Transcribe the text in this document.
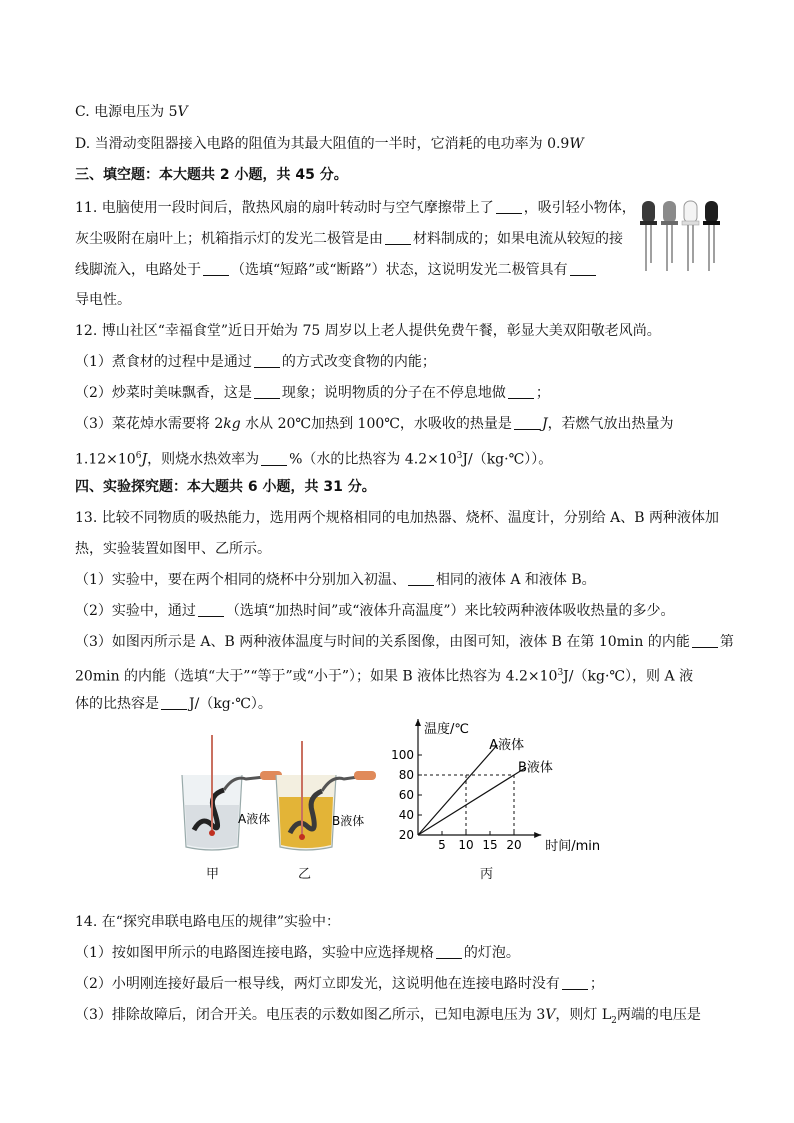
C. 电源电压为 5V
D. 当滑动变阻器接入电路的阻值为其最大阻值的一半时，它消耗的电功率为 0.9W
三、填空题：本大题共 2 小题，共 45 分。
11. 电脑使用一段时间后，散热风扇的扇叶转动时与空气摩擦带上了 ，吸引轻小物体，
灰尘吸附在扇叶上；机箱指示灯的发光二极管是由 材料制成的；如果电流从较短的接
线脚流入，电路处于 （选填“短路”或“断路”）状态，这说明发光二极管具有
导电性。
12. 博山社区“幸福食堂”近日开始为 75 周岁以上老人提供免费午餐，彰显大美双阳敬老风尚。
（1）煮食材的过程中是通过 的方式改变食物的内能；
（2）炒菜时美味飘香，这是 现象；说明物质的分子在不停息地做 ；
（3）菜花焯水需要将 2kg 水从 20℃加热到 100℃，水吸收的热量是 J，若燃气放出热量为
$1.12\times 10^6J$，则烧水热效率为 %（水的比热容为 $4.2\times 10^3J/(kg\cdot℃)$）。
四、实验探究题：本大题共 6 小题，共 31 分。
13. 比较不同物质的吸热能力，选用两个规格相同的电加热器、烧杯、温度计，分别给 A、B 两种液体加
热，实验装置如图甲、乙所示。
（1）实验中，要在两个相同的烧杯中分别加入初温、 相同的液体 A 和液体 B。
（2）实验中，通过 （选填“加热时间”或“液体升高温度”）来比较两种液体吸收热量的多少。
（3）如图丙所示是 A、B 两种液体温度与时间的关系图像，由图可知，液体 B 在第 10min 的内能 第
20min 的内能（选填“大于”“等于”或“小于”）；如果 B 液体比热容为 $4.2\times 10^3J/(kg\cdot℃)$，则 A 液
体的比热容是 J/（kg·℃）。
A液体	B液体
甲	乙
温度/℃
时间/min
20
40
60
80
100
5 10 15 20
A液体
B液体
丙
14. 在“探究串联电路电压的规律”实验中：
（1）按如图甲所示的电路图连接电路，实验中应选择规格 的灯泡。
（2）小明刚连接好最后一根导线，两灯立即发光，这说明他在连接电路时没有 ；
（3）排除故障后，闭合开关。电压表的示数如图乙所示，已知电源电压为 3V，则灯 $L_2$两端的电压是
